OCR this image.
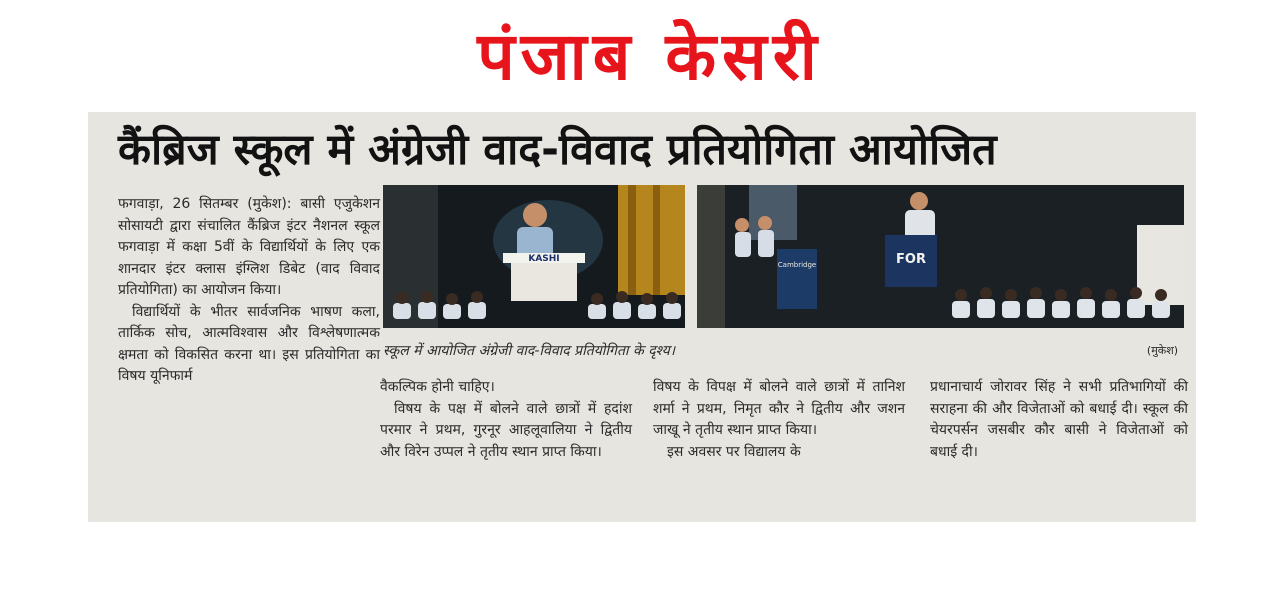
पंजाब केसरी
कैंब्रिज स्कूल में अंग्रेजी वाद-विवाद प्रतियोगिता आयोजित

फगवाड़ा, 26 सितम्बर (मुकेश): बासी एजुकेशन सोसायटी द्वारा संचालित कैंब्रिज इंटर नैशनल स्कूल फगवाड़ा में कक्षा 5वीं के विद्यार्थियों के लिए एक शानदार इंटर क्लास इंग्लिश डिबेट (वाद विवाद प्रतियोगिता) का आयोजन किया।

विद्यार्थियों के भीतर सार्वजनिक भाषण कला, तार्किक सोच, आत्मविश्वास और विश्लेषणात्मक क्षमता को विकसित करना था। इस प्रतियोगिता का विषय यूनिफार्म

KASHI
Cambridge	FOR
स्कूल में आयोजित अंग्रेजी वाद-विवाद प्रतियोगिता के दृश्य।	(मुकेश)

वैकल्पिक होनी चाहिए।

विषय के पक्ष में बोलने वाले छात्रों में हदांश परमार ने प्रथम, गुरनूर आहलूवालिया ने द्वितीय और विरेन उप्पल ने तृतीय स्थान प्राप्त किया।

विषय के विपक्ष में बोलने वाले छात्रों में तानिश शर्मा ने प्रथम, निमृत कौर ने द्वितीय और जशन जाखू ने तृतीय स्थान प्राप्त किया।

इस अवसर पर विद्यालय के

प्रधानाचार्य जोरावर सिंह ने सभी प्रतिभागियों की सराहना की और विजेताओं को बधाई दी। स्कूल की चेयरपर्सन जसबीर कौर बासी ने विजेताओं को बधाई दी।
